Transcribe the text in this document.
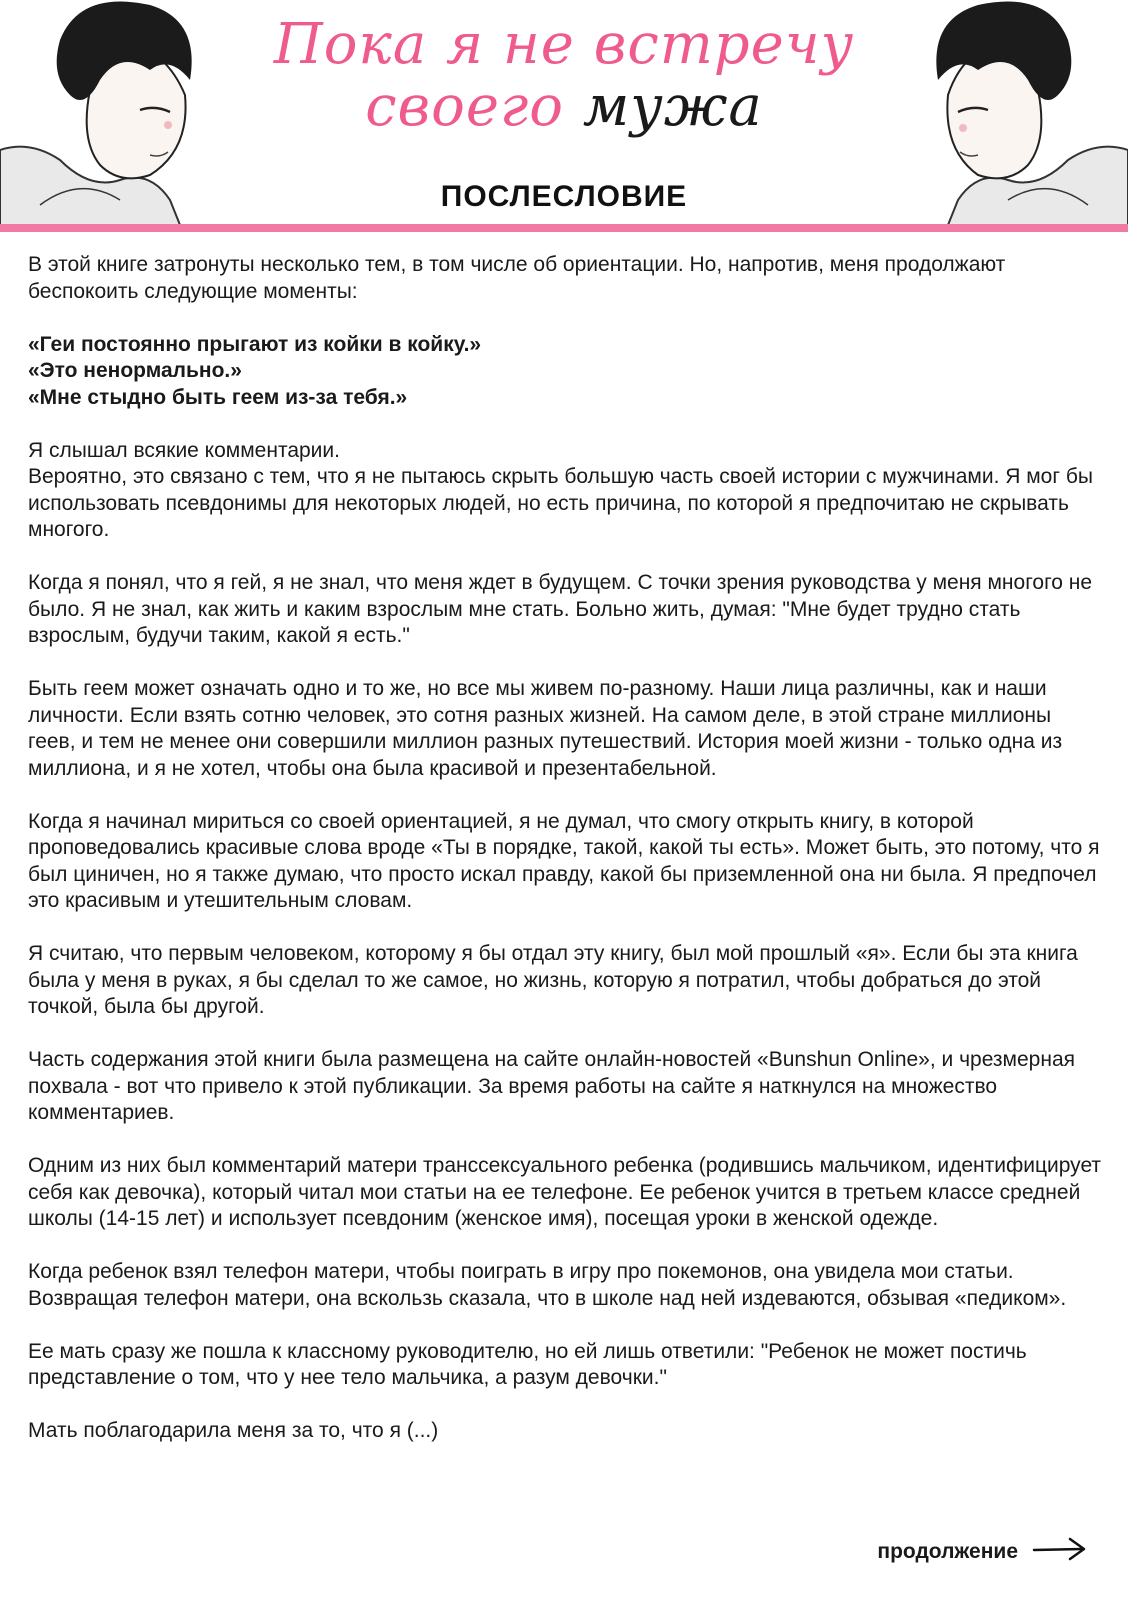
Пока я не встречу
своего мужа
ПОСЛЕСЛОВИЕ

В этой книге затронуты несколько тем, в том числе об ориентации. Но, напротив, меня продолжают беспокоить следующие моменты:

«Геи постоянно прыгают из койки в койку.»
«Это ненормально.»
«Мне стыдно быть геем из-за тебя.»

Я слышал всякие комментарии.
Вероятно, это связано с тем, что я не пытаюсь скрыть большую часть своей истории с мужчинами. Я мог бы использовать псевдонимы для некоторых людей, но есть причина, по которой я предпочитаю не скрывать многого.

Когда я понял, что я гей, я не знал, что меня ждет в будущем. С точки зрения руководства у меня многого не было. Я не знал, как жить и каким взрослым мне стать. Больно жить, думая: "Мне будет трудно стать взрослым, будучи таким, какой я есть."

Быть геем может означать одно и то же, но все мы живем по-разному. Наши лица различны, как и наши личности. Если взять сотню человек, это сотня разных жизней. На самом деле, в этой стране миллионы геев, и тем не менее они совершили миллион разных путешествий. История моей жизни - только одна из миллиона, и я не хотел, чтобы она была красивой и презентабельной.

Когда я начинал мириться со своей ориентацией, я не думал, что смогу открыть книгу, в которой проповедовались красивые слова вроде «Ты в порядке, такой, какой ты есть». Может быть, это потому, что я был циничен, но я также думаю, что просто искал правду, какой бы приземленной она ни была. Я предпочел это красивым и утешительным словам.

Я считаю, что первым человеком, которому я бы отдал эту книгу, был мой прошлый «я». Если бы эта книга была у меня в руках, я бы сделал то же самое, но жизнь, которую я потратил, чтобы добраться до этой точкой, была бы другой.

Часть содержания этой книги была размещена на сайте онлайн-новостей «Bunshun Online», и чрезмерная похвала - вот что привело к этой публикации. За время работы на сайте я наткнулся на множество комментариев.

Одним из них был комментарий матери транссексуального ребенка (родившись мальчиком, идентифицирует себя как девочка), который читал мои статьи на ее телефоне. Ее ребенок учится в третьем классе средней школы (14-15 лет) и использует псевдоним (женское имя), посещая уроки в женской одежде.

Когда ребенок взял телефон матери, чтобы поиграть в игру про покемонов, она увидела мои статьи. Возвращая телефон матери, она вскользь сказала, что в школе над ней издеваются, обзывая «педиком».

Ее мать сразу же пошла к классному руководителю, но ей лишь ответили: "Ребенок не может постичь представление о том, что у нее тело мальчика, а разум девочки."

Мать поблагодарила меня за то, что я (...)

продолжение
